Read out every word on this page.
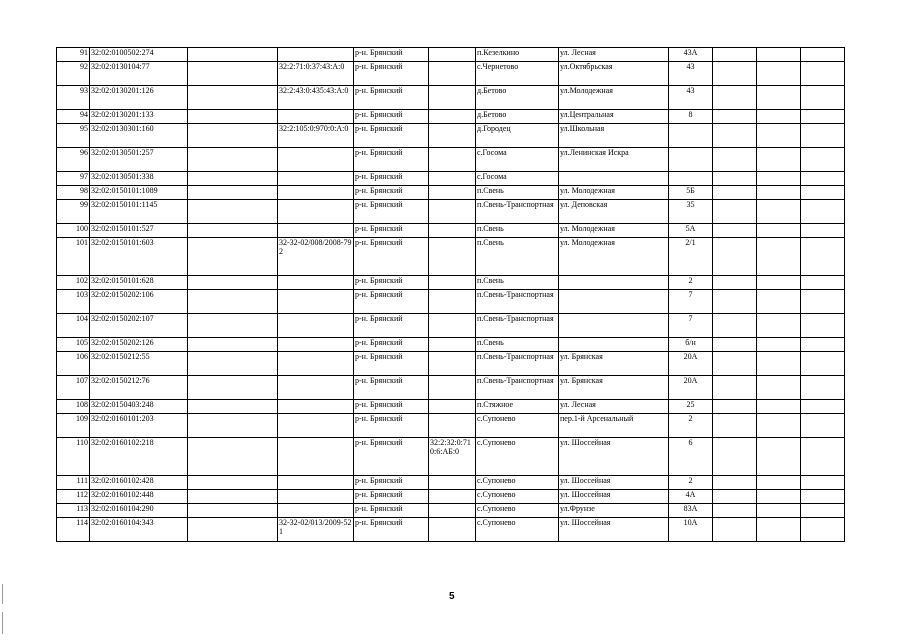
91	32:02:0100502:274			р-н. Брянский		п.Кезелкино	ул. Лесная	43А			
92	32:02:0130104:77		32:2:71:0:37:43:А:0	р-н. Брянский		с.Чернетово	ул.Октябрьская	43			
93	32:02:0130201:126		32:2:43:0:435:43:А:0	р-н. Брянский		д.Бетово	ул.Молодежная	43			
94	32:02:0130201:133			р-н. Брянский		д.Бетово	ул.Центральная	8			
95	32:02:0130301:160		32:2:105:0:970:0:А:0	р-н. Брянский		д.Городец	ул.Школьная				
96	32:02:0130501:257			р-н. Брянский		с.Госома	ул.Ленинская Искра				
97	32:02:0130501:338			р-н. Брянский		с.Госома					
98	32:02:0150101:1089			р-н. Брянский		п.Свень	ул. Молодежная	5Б			
99	32:02:0150101:1145			р-н. Брянский		п.Свень-Транспортная	ул. Деповская	35			
100	32:02:0150101:527			р-н. Брянский		п.Свень	ул. Молодежная	5А			
101	32:02:0150101:603		32-32-02/008/2008-792	р-н. Брянский		п.Свень	ул. Молодежная	2/1			
102	32:02:0150101:628			р-н. Брянский		п.Свень		2			
103	32:02:0150202:106			р-н. Брянский		п.Свень-Транспортная		7			
104	32:02:0150202:107			р-н. Брянский		п.Свень-Транспортная		7			
105	32:02:0150202:126			р-н. Брянский		п.Свень		б/н			
106	32:02:0150212:55			р-н. Брянский		п.Свень-Транспортная	ул. Брянская	20А			
107	32:02:0150212:76			р-н. Брянский		п.Свень-Транспортная	ул. Брянская	20А			
108	32:02:0150403:248			р-н. Брянский		п.Стяжное	ул. Лесная	25			
109	32:02:0160101:203			р-н. Брянский		с.Супонево	пер.1-й Арсенальный	2			
110	32:02:0160102:218			р-н. Брянский	32:2:32:0:710:6:АБ:0	с.Супонево	ул. Шоссейная	6			
111	32:02:0160102:428			р-н. Брянский		с.Супонево	ул. Шоссейная	2			
112	32:02:0160102:448			р-н. Брянский		с.Супонево	ул. Шоссейная	4А			
113	32:02:0160104:290			р-н. Брянский		с.Супонево	ул.Фрунзе	83А			
114	32:02:0160104:343		32-32-02/013/2009-521	р-н. Брянский		с.Супонево	ул. Шоссейная	10А			
5
